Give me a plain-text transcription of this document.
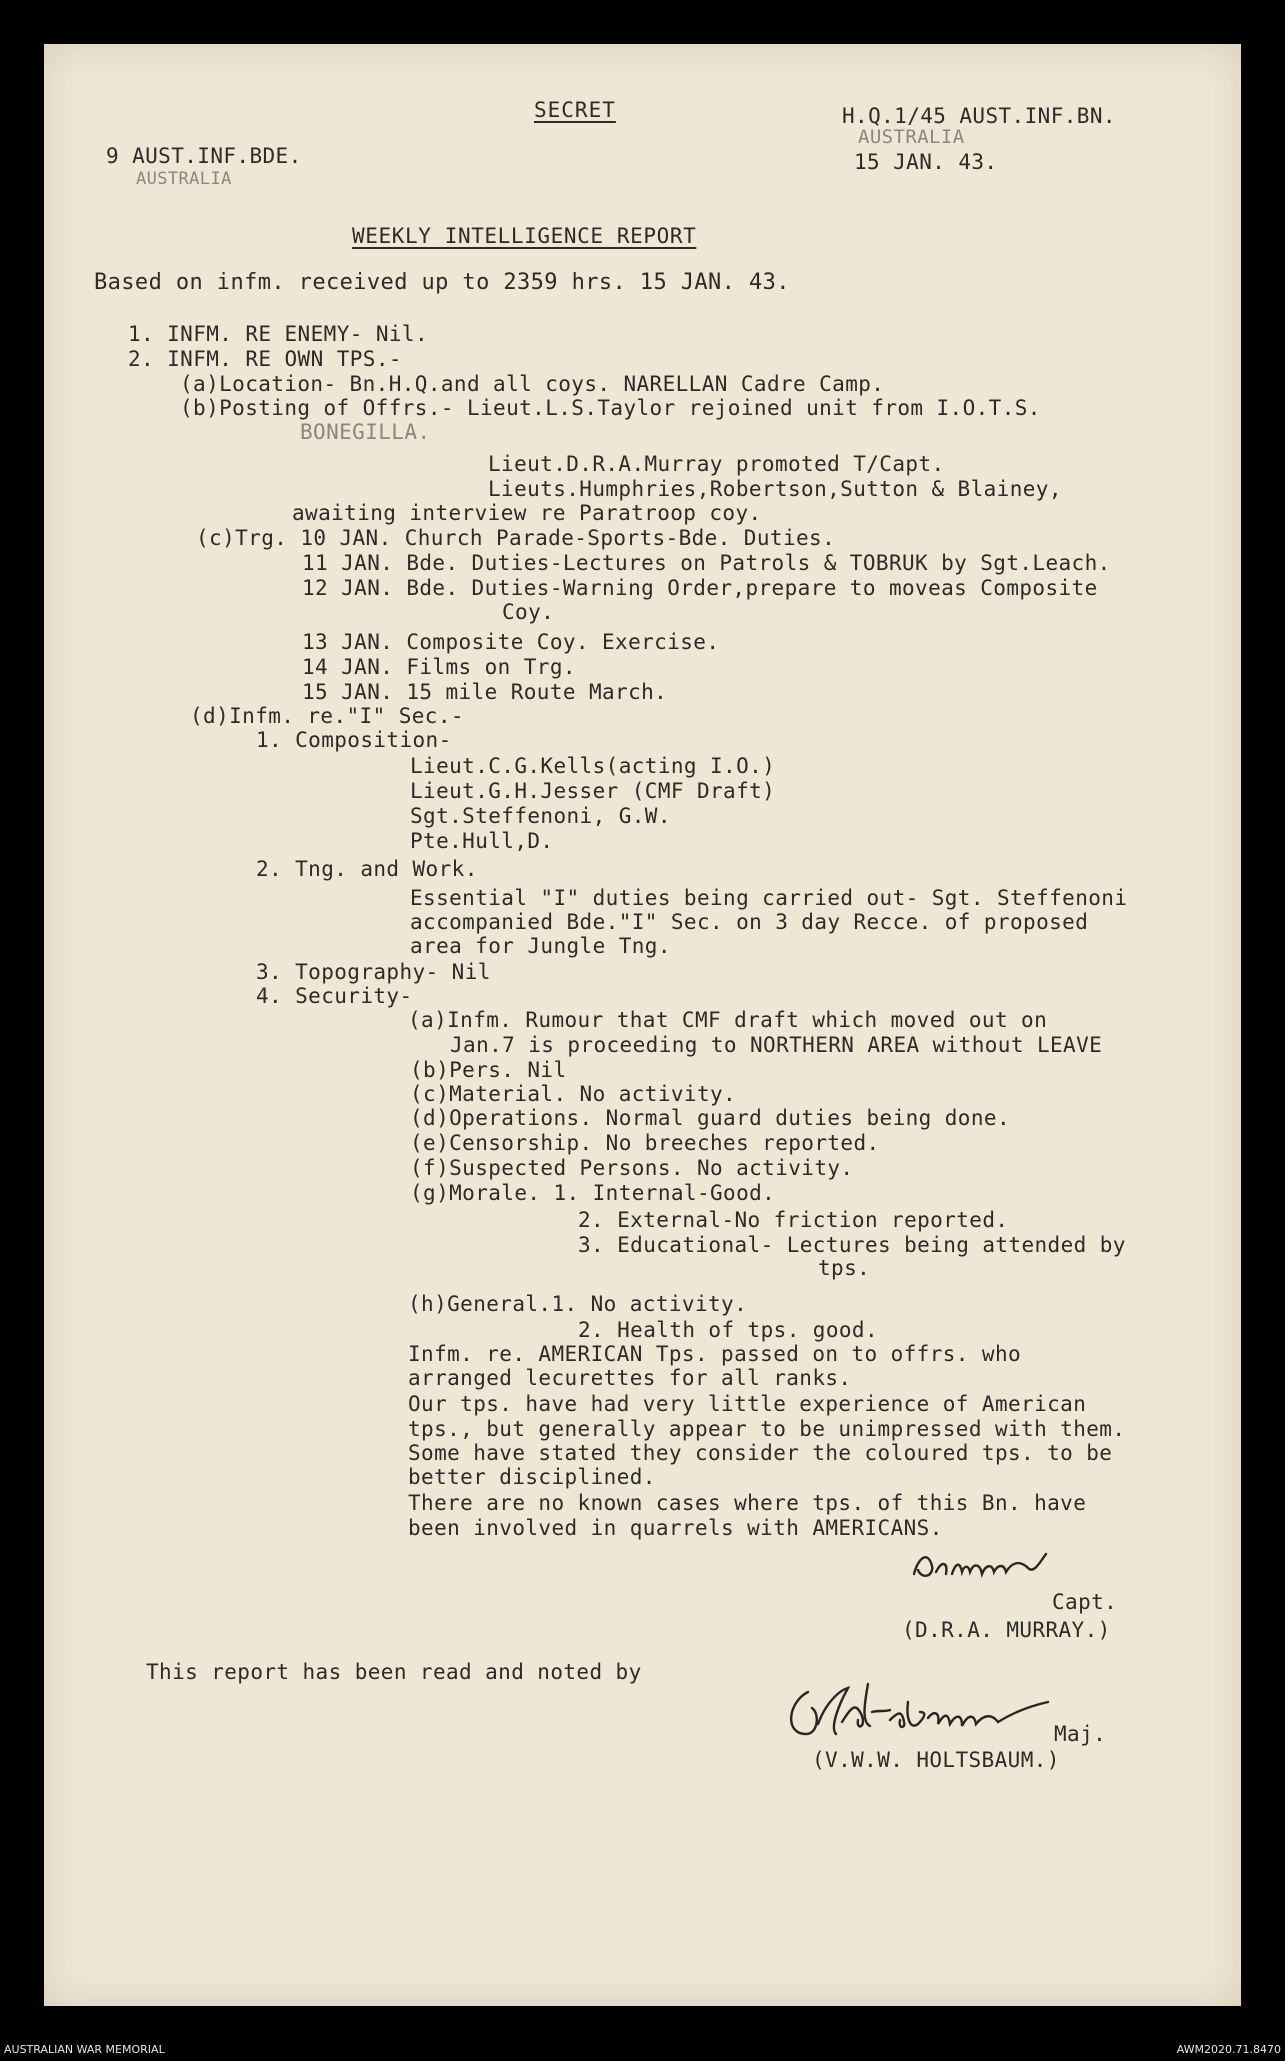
SECRET	H.Q.1/45 AUST.INF.BN.
AUSTRALIA
15 JAN. 43.
9 AUST.INF.BDE.
AUSTRALIA
WEEKLY INTELLIGENCE REPORT
Based on infm. received up to 2359 hrs. 15 JAN. 43.
1. INFM. RE ENEMY- Nil.
2. INFM. RE OWN TPS.-
(a)Location- Bn.H.Q.and all coys. NARELLAN Cadre Camp.
(b)Posting of Offrs.- Lieut.L.S.Taylor rejoined unit from I.O.T.S.
BONEGILLA.
Lieut.D.R.A.Murray promoted T/Capt.
Lieuts.Humphries,Robertson,Sutton & Blainey,
awaiting interview re Paratroop coy.
(c)Trg. 10 JAN. Church Parade-Sports-Bde. Duties.
11 JAN. Bde. Duties-Lectures on Patrols & TOBRUK by Sgt.Leach.
12 JAN. Bde. Duties-Warning Order,prepare to moveas Composite
Coy.
13 JAN. Composite Coy. Exercise.
14 JAN. Films on Trg.
15 JAN. 15 mile Route March.
(d)Infm. re."I" Sec.-
1. Composition-
Lieut.C.G.Kells(acting I.O.)
Lieut.G.H.Jesser (CMF Draft)
Sgt.Steffenoni, G.W.
Pte.Hull,D.
2. Tng. and Work.
Essential "I" duties being carried out- Sgt. Steffenoni
accompanied Bde."I" Sec. on 3 day Recce. of proposed
area for Jungle Tng.
3. Topography- Nil
4. Security-
(a)Infm. Rumour that CMF draft which moved out on
Jan.7 is proceeding to NORTHERN AREA without LEAVE
(b)Pers. Nil
(c)Material. No activity.
(d)Operations. Normal guard duties being done.
(e)Censorship. No breeches reported.
(f)Suspected Persons. No activity.
(g)Morale. 1. Internal-Good.
2. External-No friction reported.
3. Educational- Lectures being attended by
tps.
(h)General.1. No activity.
2. Health of tps. good.
Infm. re. AMERICAN Tps. passed on to offrs. who
arranged lecurettes for all ranks.
Our tps. have had very little experience of American
tps., but generally appear to be unimpressed with them.
Some have stated they consider the coloured tps. to be
better disciplined.
There are no known cases where tps. of this Bn. have
been involved in quarrels with AMERICANS.
Capt.
(D.R.A. MURRAY.)
This report has been read and noted by
Maj.
(V.W.W. HOLTSBAUM.)
AUSTRALIAN WAR MEMORIAL	AWM2020.71.8470
